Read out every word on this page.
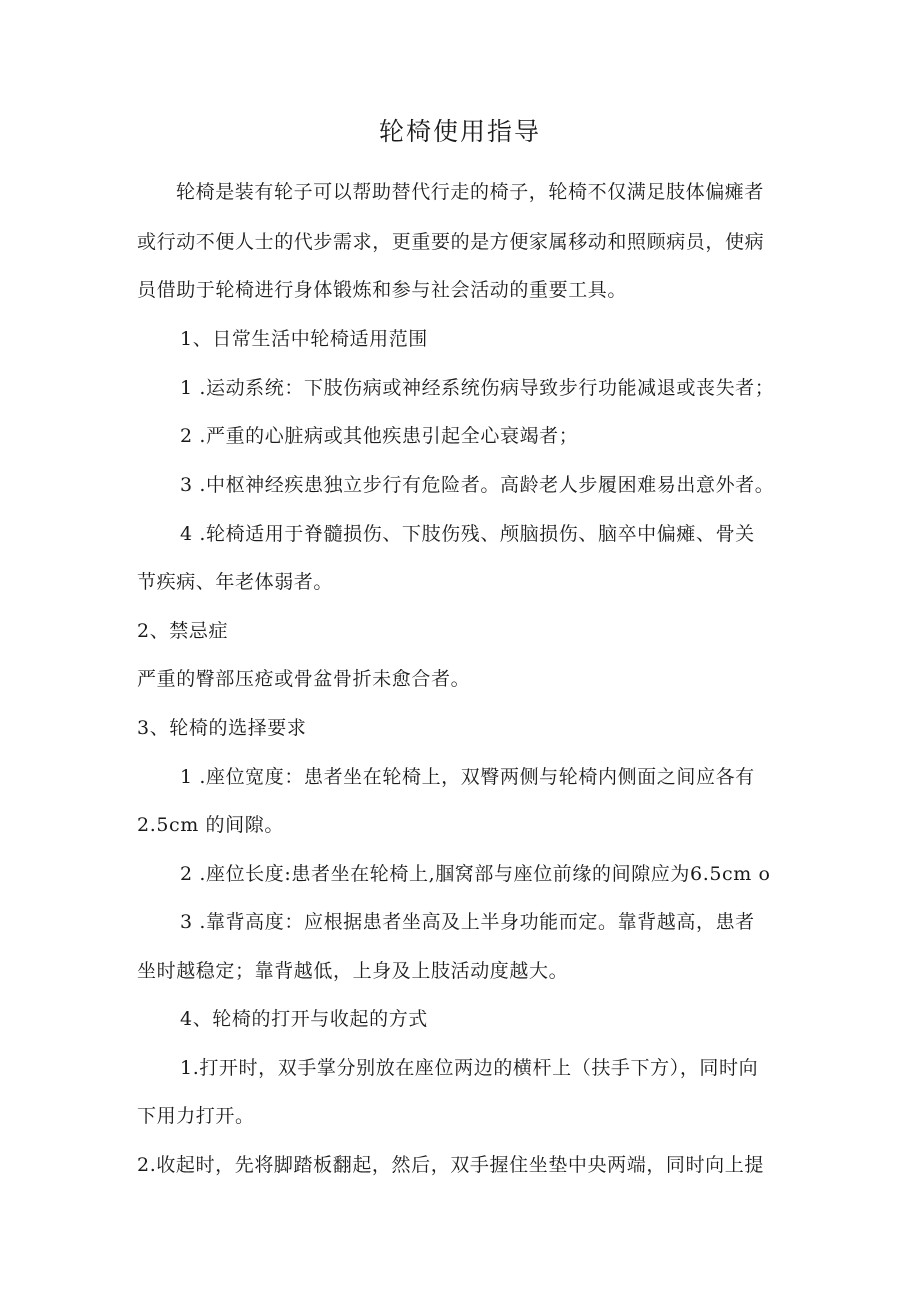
轮椅使用指导
轮椅是装有轮子可以帮助替代行走的椅子，轮椅不仅满足肢体偏瘫者
或行动不便人士的代步需求，更重要的是方便家属移动和照顾病员，使病
员借助于轮椅进行身体锻炼和参与社会活动的重要工具。
1、日常生活中轮椅适用范围
1 .运动系统：下肢伤病或神经系统伤病导致步行功能减退或丧失者；
2 .严重的心脏病或其他疾患引起全心衰竭者；
3 .中枢神经疾患独立步行有危险者。高龄老人步履困难易出意外者。
4 .轮椅适用于脊髓损伤、下肢伤残、颅脑损伤、脑卒中偏瘫、骨关
节疾病、年老体弱者。
2、禁忌症
严重的臀部压疮或骨盆骨折未愈合者。
3、轮椅的选择要求
1 .座位宽度：患者坐在轮椅上，双臀两侧与轮椅内侧面之间应各有
2.5cm 的间隙。
2 .座位长度:患者坐在轮椅上,腘窝部与座位前缘的间隙应为6.5cm o
3 .靠背高度：应根据患者坐高及上半身功能而定。靠背越高，患者
坐时越稳定；靠背越低，上身及上肢活动度越大。
4、轮椅的打开与收起的方式
1.打开时，双手掌分别放在座位两边的横杆上（扶手下方），同时向
下用力打开。
2.收起时，先将脚踏板翻起，然后，双手握住坐垫中央两端，同时向上提
